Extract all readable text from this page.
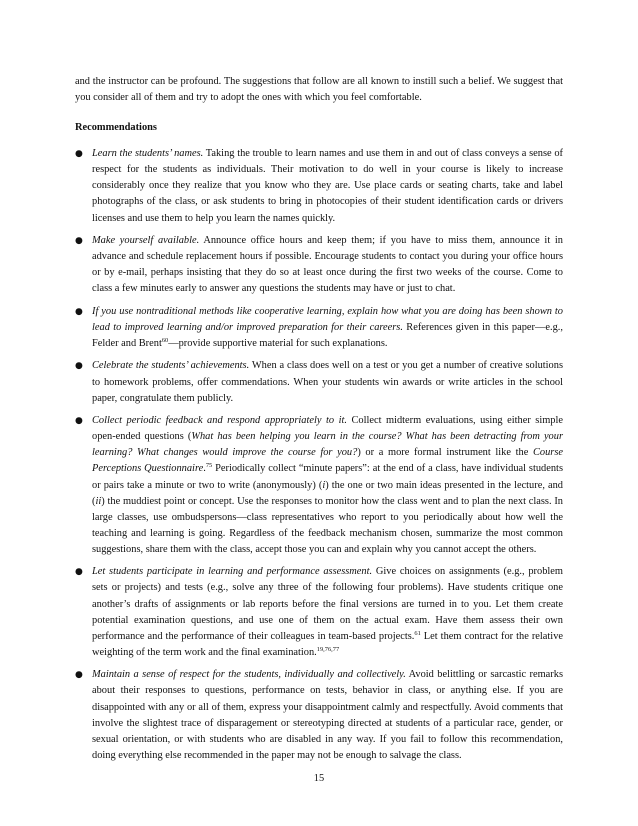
and the instructor can be profound. The suggestions that follow are all known to instill such a belief. We suggest that you consider all of them and try to adopt the ones with which you feel comfortable.

Recommendations
● Learn the students’ names. Taking the trouble to learn names and use them in and out of class conveys a sense of respect for the students as individuals. Their motivation to do well in your course is likely to increase considerably once they realize that you know who they are. Use place cards or seating charts, take and label photographs of the class, or ask students to bring in photocopies of their student identification cards or drivers licenses and use them to help you learn the names quickly.
● Make yourself available. Announce office hours and keep them; if you have to miss them, announce it in advance and schedule replacement hours if possible. Encourage students to contact you during your office hours or by e-mail, perhaps insisting that they do so at least once during the first two weeks of the course. Come to class a few minutes early to answer any questions the students may have or just to chat.
● If you use nontraditional methods like cooperative learning, explain how what you are doing has been shown to lead to improved learning and/or improved preparation for their careers. References given in this paper—e.g., Felder and Brent$^{60}$—provide supportive material for such explanations.
● Celebrate the students’ achievements. When a class does well on a test or you get a number of creative solutions to homework problems, offer commendations. When your students win awards or write articles in the school paper, congratulate them publicly.
● Collect periodic feedback and respond appropriately to it. Collect midterm evaluations, using either simple open-ended questions (What has been helping you learn in the course? What has been detracting from your learning? What changes would improve the course for you?) or a more formal instrument like the Course Perceptions Questionnaire.$^{75}$ Periodically collect “minute papers”: at the end of a class, have individual students or pairs take a minute or two to write (anonymously) (i) the one or two main ideas presented in the lecture, and (ii) the muddiest point or concept. Use the responses to monitor how the class went and to plan the next class. In large classes, use ombudspersons—class representatives who report to you periodically about how well the teaching and learning is going. Regardless of the feedback mechanism chosen, summarize the most common suggestions, share them with the class, accept those you can and explain why you cannot accept the others.
● Let students participate in learning and performance assessment. Give choices on assignments (e.g., problem sets or projects) and tests (e.g., solve any three of the following four problems). Have students critique one another’s drafts of assignments or lab reports before the final versions are turned in to you. Let them create potential examination questions, and use one of them on the actual exam. Have them assess their own performance and the performance of their colleagues in team-based projects.$^{61}$ Let them contract for the relative weighting of the term work and the final examination.$^{19,76,77}$
● Maintain a sense of respect for the students, individually and collectively. Avoid belittling or sarcastic remarks about their responses to questions, performance on tests, behavior in class, or anything else. If you are disappointed with any or all of them, express your disappointment calmly and respectfully. Avoid comments that involve the slightest trace of disparagement or stereotyping directed at students of a particular race, gender, or sexual orientation, or with students who are disabled in any way. If you fail to follow this recommendation, doing everything else recommended in the paper may not be enough to salvage the class.
15
